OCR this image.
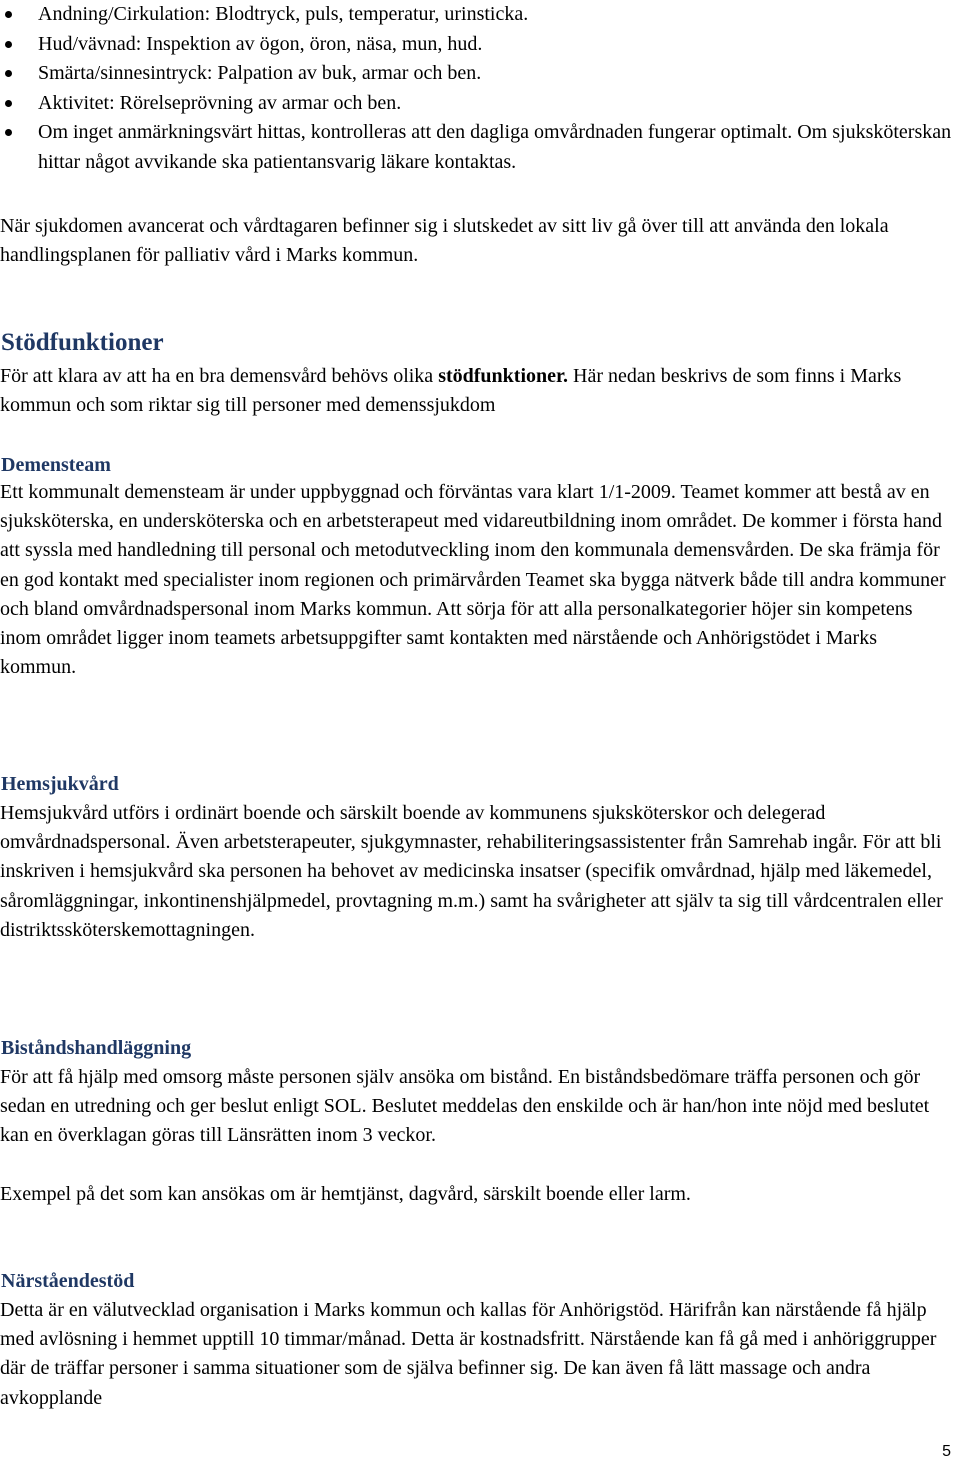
Andning/Cirkulation: Blodtryck, puls, temperatur, urinsticka.
Hud/vävnad: Inspektion av ögon, öron, näsa, mun, hud.
Smärta/sinnesintryck: Palpation av buk, armar och ben.
Aktivitet: Rörelseprövning av armar och ben.
Om inget anmärkningsvärt hittas, kontrolleras att den dagliga omvårdnaden fungerar optimalt. Om sjuksköterskan hittar något avvikande ska patientansvarig läkare kontaktas.

När sjukdomen avancerat och vårdtagaren befinner sig i slutskedet av sitt liv gå över till att använda den lokala handlingsplanen för palliativ vård i Marks kommun.

Stödfunktioner

För att klara av att ha en bra demensvård behövs olika stödfunktioner. Här nedan beskrivs de som finns i Marks kommun och som riktar sig till personer med demenssjukdom

Demensteam

Ett kommunalt demensteam är under uppbyggnad och förväntas vara klart 1/1-2009. Teamet kommer att bestå av en sjuksköterska, en undersköterska och en arbetsterapeut med vidareutbildning inom området. De kommer i första hand att syssla med handledning till personal och metodutveckling inom den kommunala demensvården. De ska främja för en god kontakt med specialister inom regionen och primärvården Teamet ska bygga nätverk både till andra kommuner och bland omvårdnadspersonal inom Marks kommun. Att sörja för att alla personalkategorier höjer sin kompetens inom området ligger inom teamets arbetsuppgifter samt kontakten med närstående och Anhörigstödet i Marks kommun.

Hemsjukvård

Hemsjukvård utförs i ordinärt boende och särskilt boende av kommunens sjuksköterskor och delegerad omvårdnadspersonal. Även arbetsterapeuter, sjukgymnaster, rehabiliteringsassistenter från Samrehab ingår. För att bli inskriven i hemsjukvård ska personen ha behovet av medicinska insatser (specifik omvårdnad, hjälp med läkemedel, såromläggningar, inkontinenshjälpmedel, provtagning m.m.) samt ha svårigheter att själv ta sig till vårdcentralen eller distriktssköterskemottagningen.

Biståndshandläggning

För att få hjälp med omsorg måste personen själv ansöka om bistånd. En biståndsbedömare träffa personen och gör sedan en utredning och ger beslut enligt SOL. Beslutet meddelas den enskilde och är han/hon inte nöjd med beslutet kan en överklagan göras till Länsrätten inom 3 veckor.

Exempel på det som kan ansökas om är hemtjänst, dagvård, särskilt boende eller larm.

Närståendestöd

Detta är en välutvecklad organisation i Marks kommun och kallas för Anhörigstöd. Härifrån kan närstående få hjälp med avlösning i hemmet upptill 10 timmar/månad. Detta är kostnadsfritt. Närstående kan få gå med i anhöriggrupper där de träffar personer i samma situationer som de själva befinner sig. De kan även få lätt massage och andra avkopplande

5
